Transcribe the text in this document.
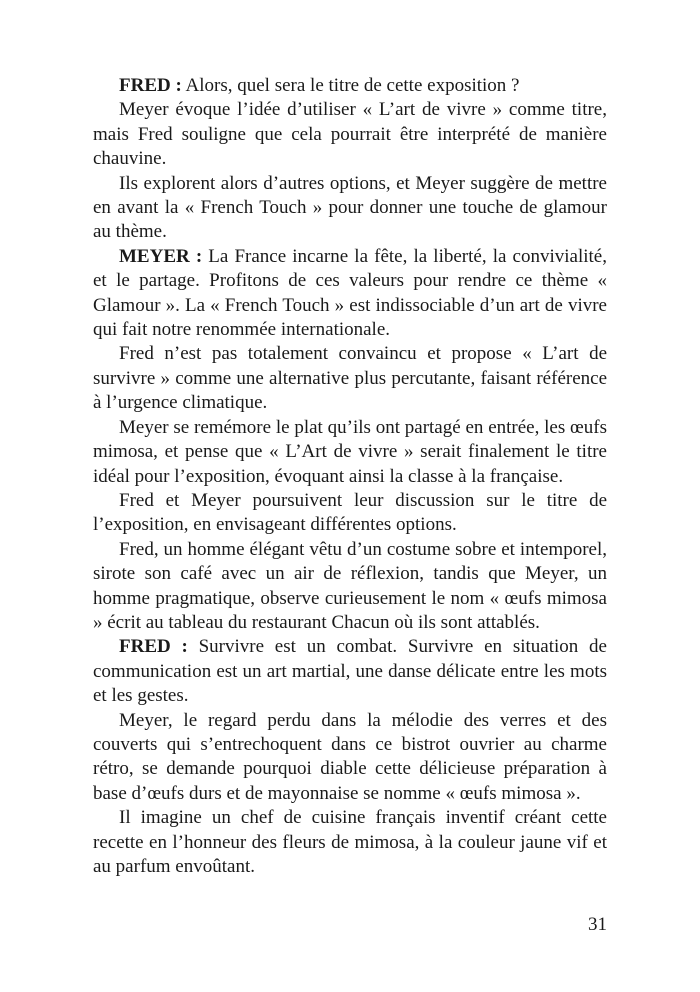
FRED : Alors, quel sera le titre de cette exposition ?

Meyer évoque l’idée d’utiliser « L’art de vivre » comme titre, mais Fred souligne que cela pourrait être interprété de manière chauvine.

Ils explorent alors d’autres options, et Meyer suggère de mettre en avant la « French Touch » pour donner une touche de glamour au thème.

MEYER : La France incarne la fête, la liberté, la convivialité, et le partage. Profitons de ces valeurs pour rendre ce thème « Glamour ». La « French Touch » est indissociable d’un art de vivre qui fait notre renommée internationale.

Fred n’est pas totalement convaincu et propose « L’art de survivre » comme une alternative plus percutante, faisant référence à l’urgence climatique.

Meyer se remémore le plat qu’ils ont partagé en entrée, les œufs mimosa, et pense que « L’Art de vivre » serait finalement le titre idéal pour l’exposition, évoquant ainsi la classe à la française.

Fred et Meyer poursuivent leur discussion sur le titre de l’exposition, en envisageant différentes options.

Fred, un homme élégant vêtu d’un costume sobre et intemporel, sirote son café avec un air de réflexion, tandis que Meyer, un homme pragmatique, observe curieusement le nom « œufs mimosa » écrit au tableau du restaurant Chacun où ils sont attablés.

FRED : Survivre est un combat. Survivre en situation de communication est un art martial, une danse délicate entre les mots et les gestes.

Meyer, le regard perdu dans la mélodie des verres et des couverts qui s’entrechoquent dans ce bistrot ouvrier au charme rétro, se demande pourquoi diable cette délicieuse préparation à base d’œufs durs et de mayonnaise se nomme « œufs mimosa ».

Il imagine un chef de cuisine français inventif créant cette recette en l’honneur des fleurs de mimosa, à la couleur jaune vif et au parfum envoûtant.

31
